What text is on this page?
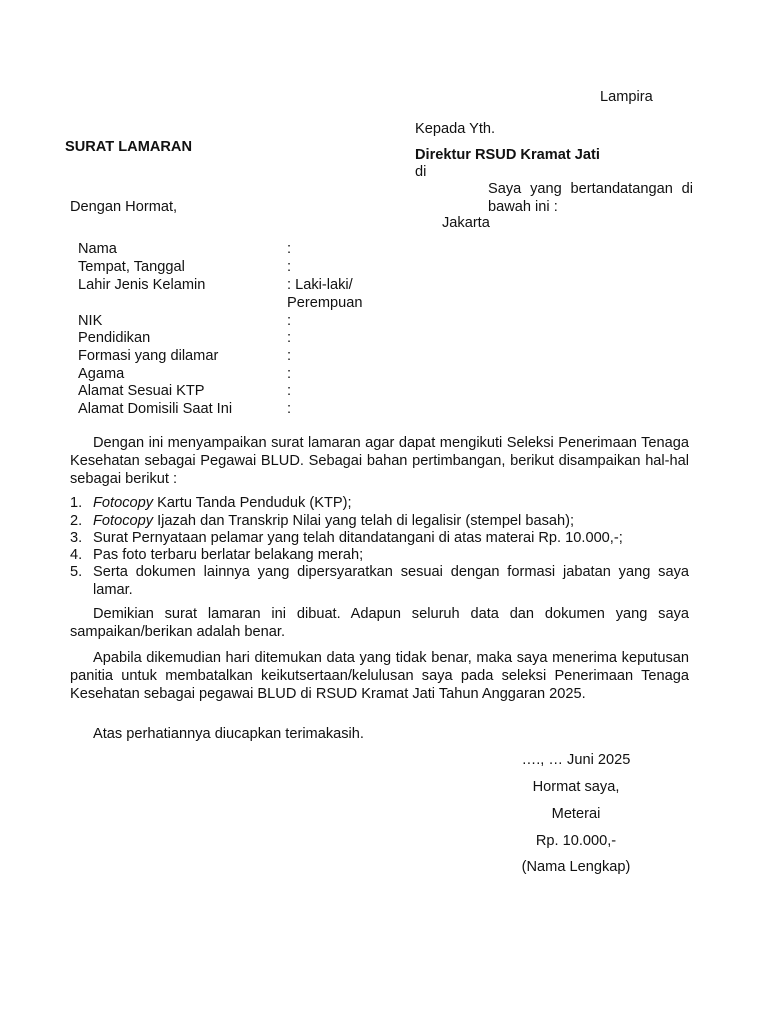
Lampira
Kepada Yth.
SURAT LAMARAN	Direktur RSUD Kramat Jati
di
Saya yang bertandatangan di bawah ini :
Dengan Hormat,
Jakarta
Nama	:
Tempat, Tanggal	:
Lahir Jenis Kelamin	: Laki-laki/
Perempuan
NIK	:
Pendidikan	:
Formasi yang dilamar	:
Agama	:
Alamat Sesuai KTP	:
Alamat Domisili Saat Ini	:
Dengan ini menyampaikan surat lamaran agar dapat mengikuti Seleksi Penerimaan Tenaga Kesehatan sebagai Pegawai BLUD. Sebagai bahan pertimbangan, berikut disampaikan hal-hal sebagai berikut :
1. Fotocopy Kartu Tanda Penduduk (KTP);
2. Fotocopy Ijazah dan Transkrip Nilai yang telah di legalisir (stempel basah);
3. Surat Pernyataan pelamar yang telah ditandatangani di atas materai Rp. 10.000,-;
4. Pas foto terbaru berlatar belakang merah;
5. Serta dokumen lainnya yang dipersyaratkan sesuai dengan formasi jabatan yang saya lamar.
Demikian surat lamaran ini dibuat. Adapun seluruh data dan dokumen yang saya sampaikan/berikan adalah benar.
Apabila dikemudian hari ditemukan data yang tidak benar, maka saya menerima keputusan panitia untuk membatalkan keikutsertaan/kelulusan saya pada seleksi Penerimaan Tenaga Kesehatan sebagai pegawai BLUD di RSUD Kramat Jati Tahun Anggaran 2025.
Atas perhatiannya diucapkan terimakasih.
…., … Juni 2025
Hormat saya,
Meterai
Rp. 10.000,-
(Nama Lengkap)
